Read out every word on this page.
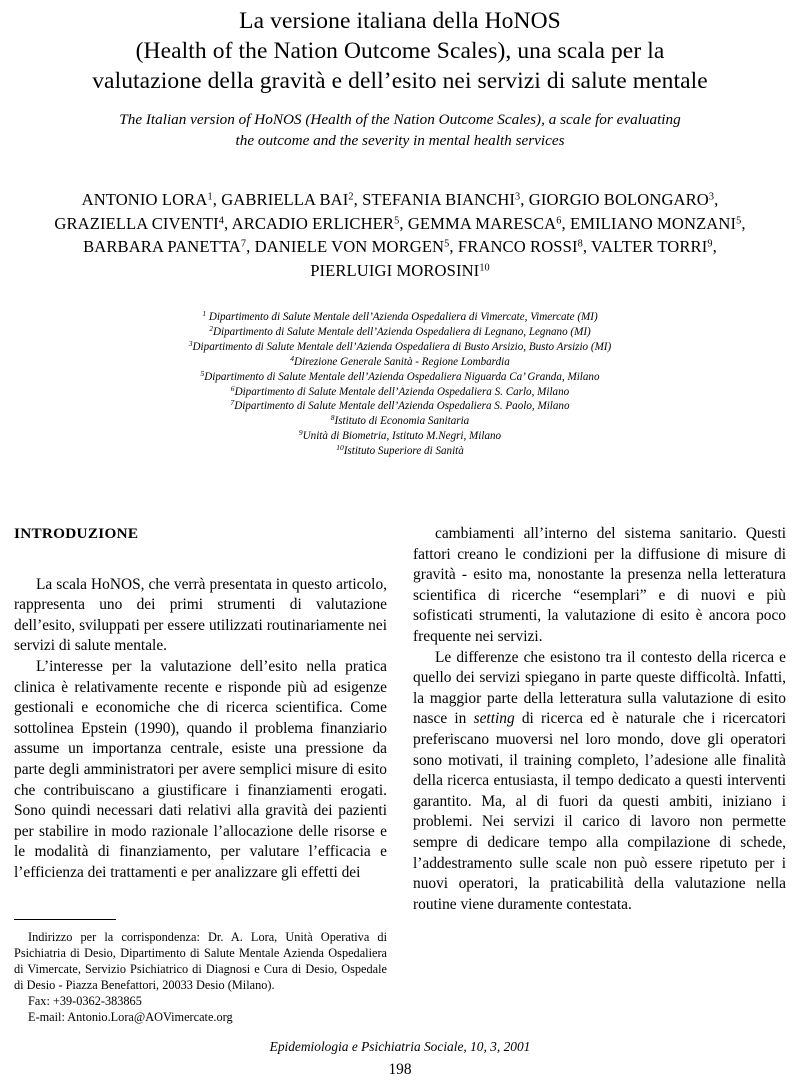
La versione italiana della HoNOS
(Health of the Nation Outcome Scales), una scala per la
valutazione della gravità e dell’esito nei servizi di salute mentale
The Italian version of HoNOS (Health of the Nation Outcome Scales), a scale for evaluating
the outcome and the severity in mental health services
ANTONIO LORA$^1$, GABRIELLA BAI$^2$, STEFANIA BIANCHI$^3$, GIORGIO BOLONGARO$^3$,
GRAZIELLA CIVENTI$^4$, ARCADIO ERLICHER$^5$, GEMMA MARESCA$^6$, EMILIANO MONZANI$^5$,
BARBARA PANETTA$^7$, DANIELE VON MORGEN$^5$, FRANCO ROSSI$^8$, VALTER TORRI$^9$,
PIERLUIGI MOROSINI$^{10}$
$^1$ Dipartimento di Salute Mentale dell’Azienda Ospedaliera di Vimercate, Vimercate (MI)
$^2$Dipartimento di Salute Mentale dell’Azienda Ospedaliera di Legnano, Legnano (MI)
$^3$Dipartimento di Salute Mentale dell’Azienda Ospedaliera di Busto Arsizio, Busto Arsizio (MI)
$^4$Direzione Generale Sanità - Regione Lombardia
$^5$Dipartimento di Salute Mentale dell’Azienda Ospedaliera Niguarda Ca’ Granda, Milano
$^6$Dipartimento di Salute Mentale dell’Azienda Ospedaliera S. Carlo, Milano
$^7$Dipartimento di Salute Mentale dell’Azienda Ospedaliera S. Paolo, Milano
$^8$Istituto di Economia Sanitaria
$^9$Unità di Biometria, Istituto M.Negri, Milano
$^{10}$Istituto Superiore di Sanità
INTRODUZIONE

La scala HoNOS, che verrà presentata in questo articolo, rappresenta uno dei primi strumenti di valutazione dell’esito, sviluppati per essere utilizzati routinariamente nei servizi di salute mentale.

L’interesse per la valutazione dell’esito nella pratica clinica è relativamente recente e risponde più ad esigenze gestionali e economiche che di ricerca scientifica. Come sottolinea Epstein (1990), quando il problema finanziario assume un importanza centrale, esiste una pressione da parte degli amministratori per avere semplici misure di esito che contribuiscano a giustificare i finanziamenti erogati. Sono quindi necessari dati relativi alla gravità dei pazienti per stabilire in modo razionale l’allocazione delle risorse e le modalità di finanziamento, per valutare l’efficacia e l’efficienza dei trattamenti e per analizzare gli effetti dei

cambiamenti all’interno del sistema sanitario. Questi fattori creano le condizioni per la diffusione di misure di gravità - esito ma, nonostante la presenza nella letteratura scientifica di ricerche “esemplari” e di nuovi e più sofisticati strumenti, la valutazione di esito è ancora poco frequente nei servizi.

Le differenze che esistono tra il contesto della ricerca e quello dei servizi spiegano in parte queste difficoltà. Infatti, la maggior parte della letteratura sulla valutazione di esito nasce in setting di ricerca ed è naturale che i ricercatori preferiscano muoversi nel loro mondo, dove gli operatori sono motivati, il training completo, l’adesione alle finalità della ricerca entusiasta, il tempo dedicato a questi interventi garantito. Ma, al di fuori da questi ambiti, iniziano i problemi. Nei servizi il carico di lavoro non permette sempre di dedicare tempo alla compilazione di schede, l’addestramento sulle scale non può essere ripetuto per i nuovi operatori, la praticabilità della valutazione nella routine viene duramente contestata.

Indirizzo per la corrispondenza: Dr. A. Lora, Unità Operativa di Psichiatria di Desio, Dipartimento di Salute Mentale Azienda Ospedaliera di Vimercate, Servizio Psichiatrico di Diagnosi e Cura di Desio, Ospedale di Desio - Piazza Benefattori, 20033 Desio (Milano).

Fax: +39-0362-383865

E-mail: Antonio.Lora@AOVimercate.org

Epidemiologia e Psichiatria Sociale, 10, 3, 2001
198
